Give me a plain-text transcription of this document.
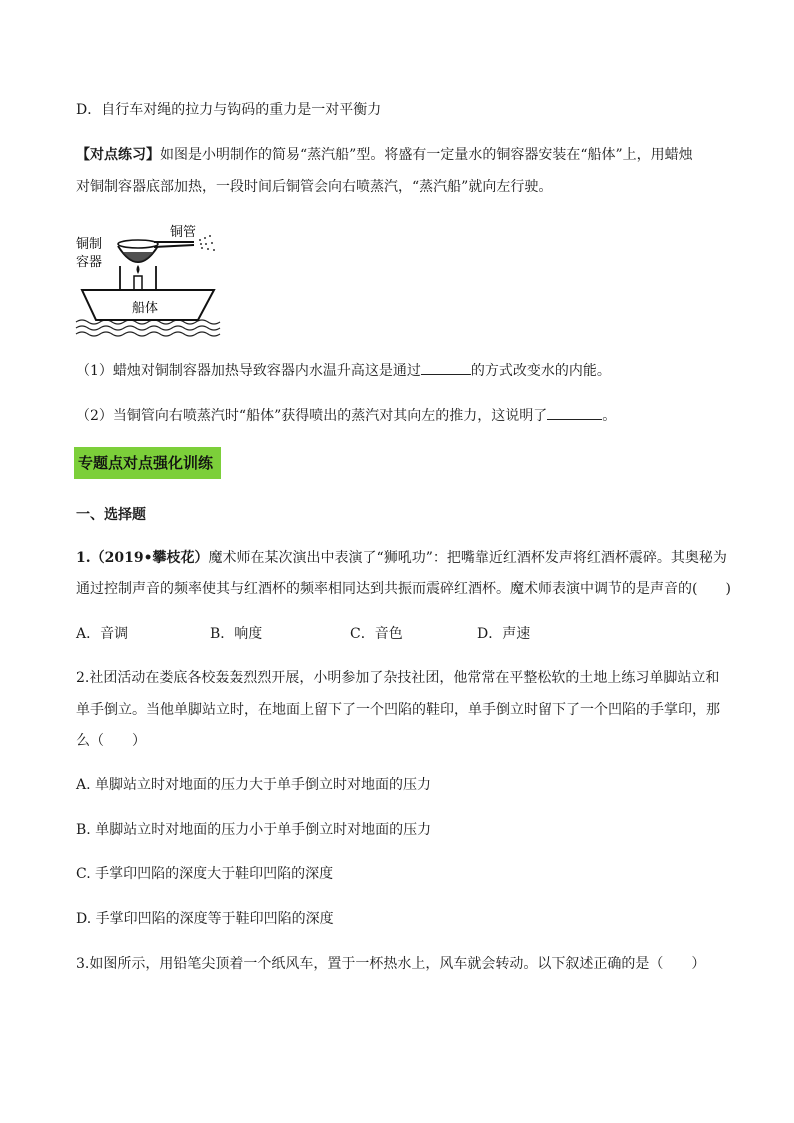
D．自行车对绳的拉力与钩码的重力是一对平衡力
【对点练习】如图是小明制作的简易“蒸汽船”型。将盛有一定量水的铜容器安装在“船体”上，用蜡烛
对铜制容器底部加热，一段时间后铜管会向右喷蒸汽，“蒸汽船”就向左行驶。
铜制
容器
铜管
船体
（1）蜡烛对铜制容器加热导致容器内水温升高这是通过	的方式改变水的内能。
（2）当铜管向右喷蒸汽时“船体”获得喷出的蒸汽对其向左的推力，这说明了	。
专题点对点强化训练
一、选择题
1.（2019•攀枝花）魔术师在某次演出中表演了“狮吼功”：把嘴靠近红酒杯发声将红酒杯震碎。其奥秘为
通过控制声音的频率使其与红酒杯的频率相同达到共振而震碎红酒杯。魔术师表演中调节的是声音的(　　)
A．音调	B．响度	C．音色	D．声速
2.社团活动在娄底各校轰轰烈烈开展，小明参加了杂技社团，他常常在平整松软的土地上练习单脚站立和
单手倒立。当他单脚站立时，在地面上留下了一个凹陷的鞋印，单手倒立时留下了一个凹陷的手掌印，那
么（　　）
A. 单脚站立时对地面的压力大于单手倒立时对地面的压力
B. 单脚站立时对地面的压力小于单手倒立时对地面的压力
C. 手掌印凹陷的深度大于鞋印凹陷的深度
D. 手掌印凹陷的深度等于鞋印凹陷的深度
3.如图所示，用铅笔尖顶着一个纸风车，置于一杯热水上，风车就会转动。以下叙述正确的是（　　）
